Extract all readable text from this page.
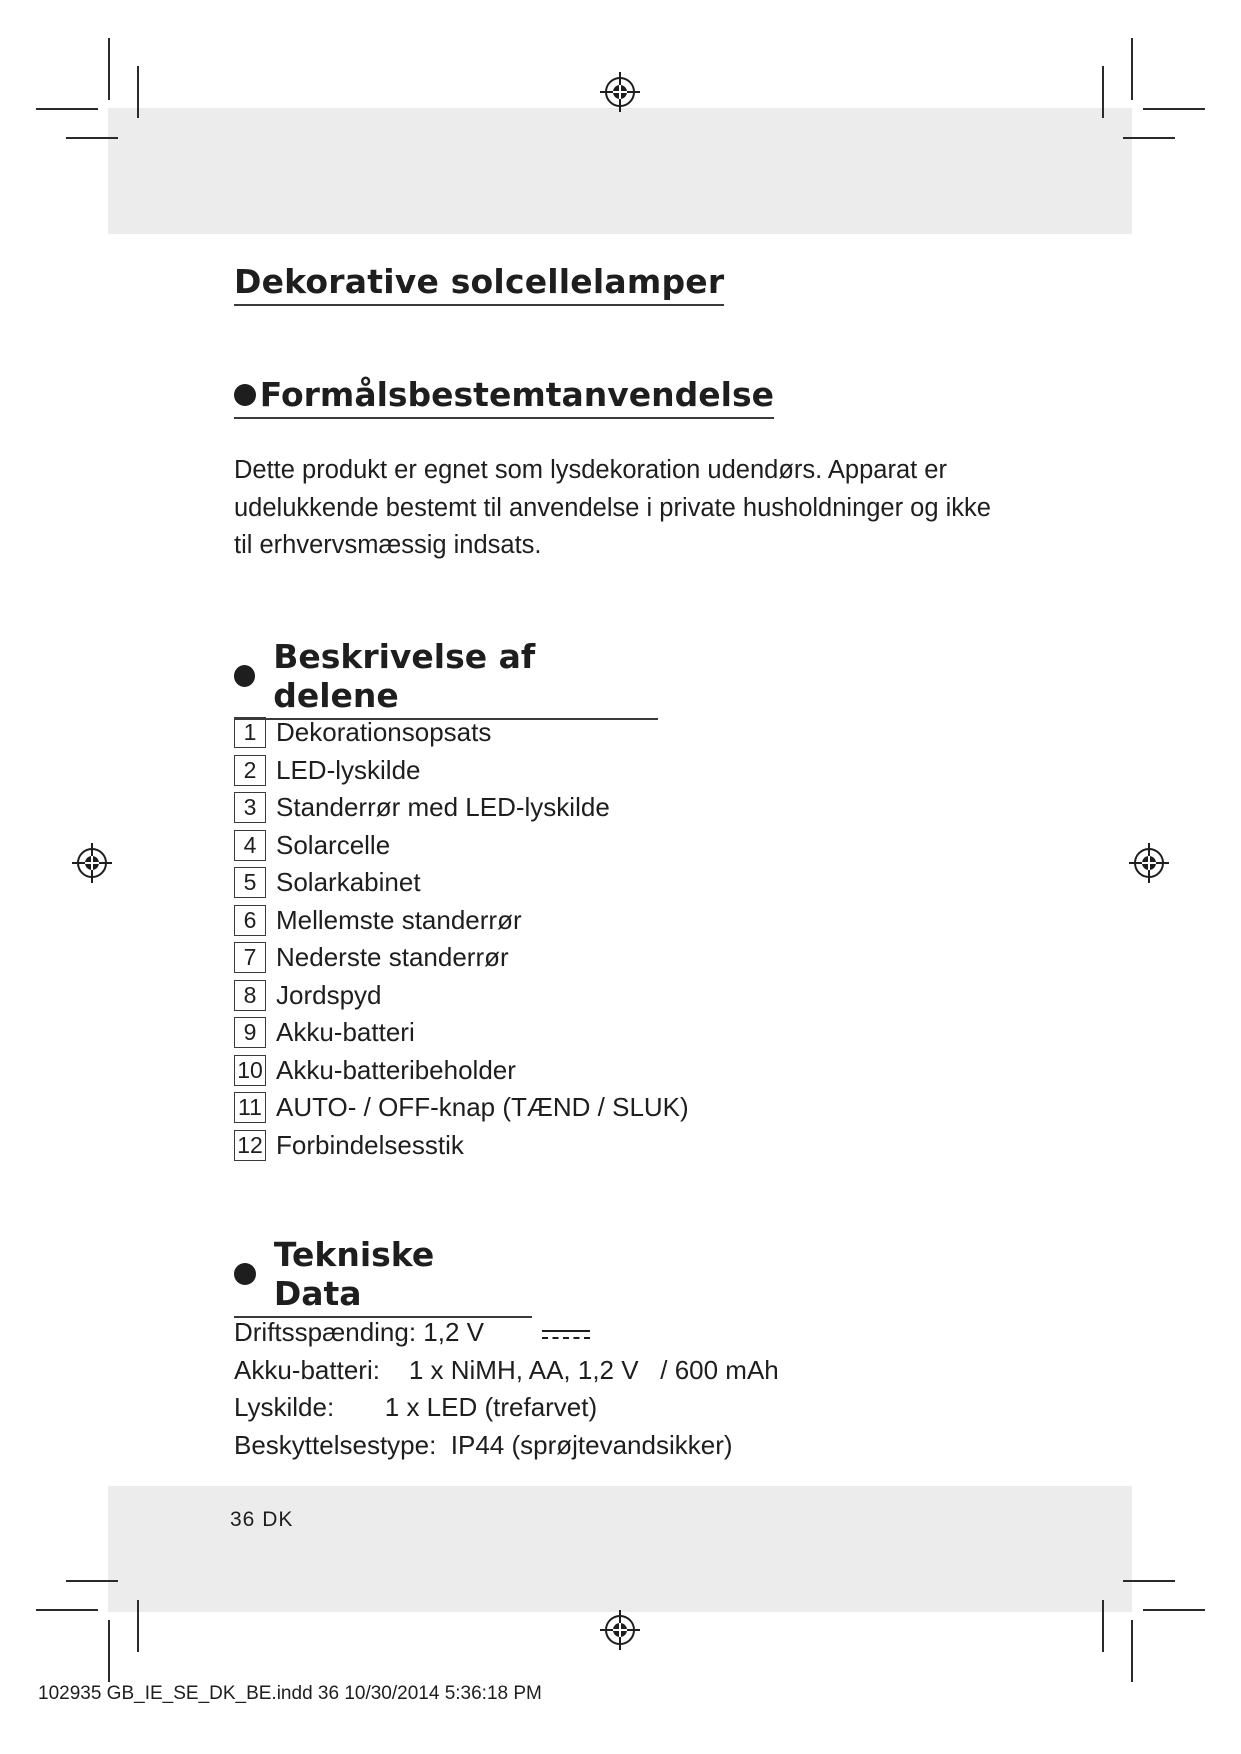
Dekorative solcellelamper
Formålsbestemtanvendelse

Dette produkt er egnet som lysdekoration udendørs. Apparat er udelukkende bestemt til anvendelse i private husholdninger og ikke til erhvervsmæssig indsats.

Beskrivelse af delene
1 Dekorationsopsats
2 LED-lyskilde
3 Standerrør med LED-lyskilde
4 Solarcelle
5 Solarkabinet
6 Mellemste standerrør
7 Nederste standerrør
8 Jordspyd
9 Akku-batteri
10 Akku-batteribeholder
11 AUTO- / OFF-knap (TÆND / SLUK)
12 Forbindelsesstik
Tekniske Data
Driftsspænding: 1,2 V
Akku-batteri:    1 x NiMH, AA, 1,2 V   / 600 mAh
Lyskilde:       1 x LED (trefarvet)
Beskyttelsestype:  IP44 (sprøjtevandsikker)
36 DK
102935 GB_IE_SE_DK_BE.indd 36 10/30/2014 5:36:18 PM
